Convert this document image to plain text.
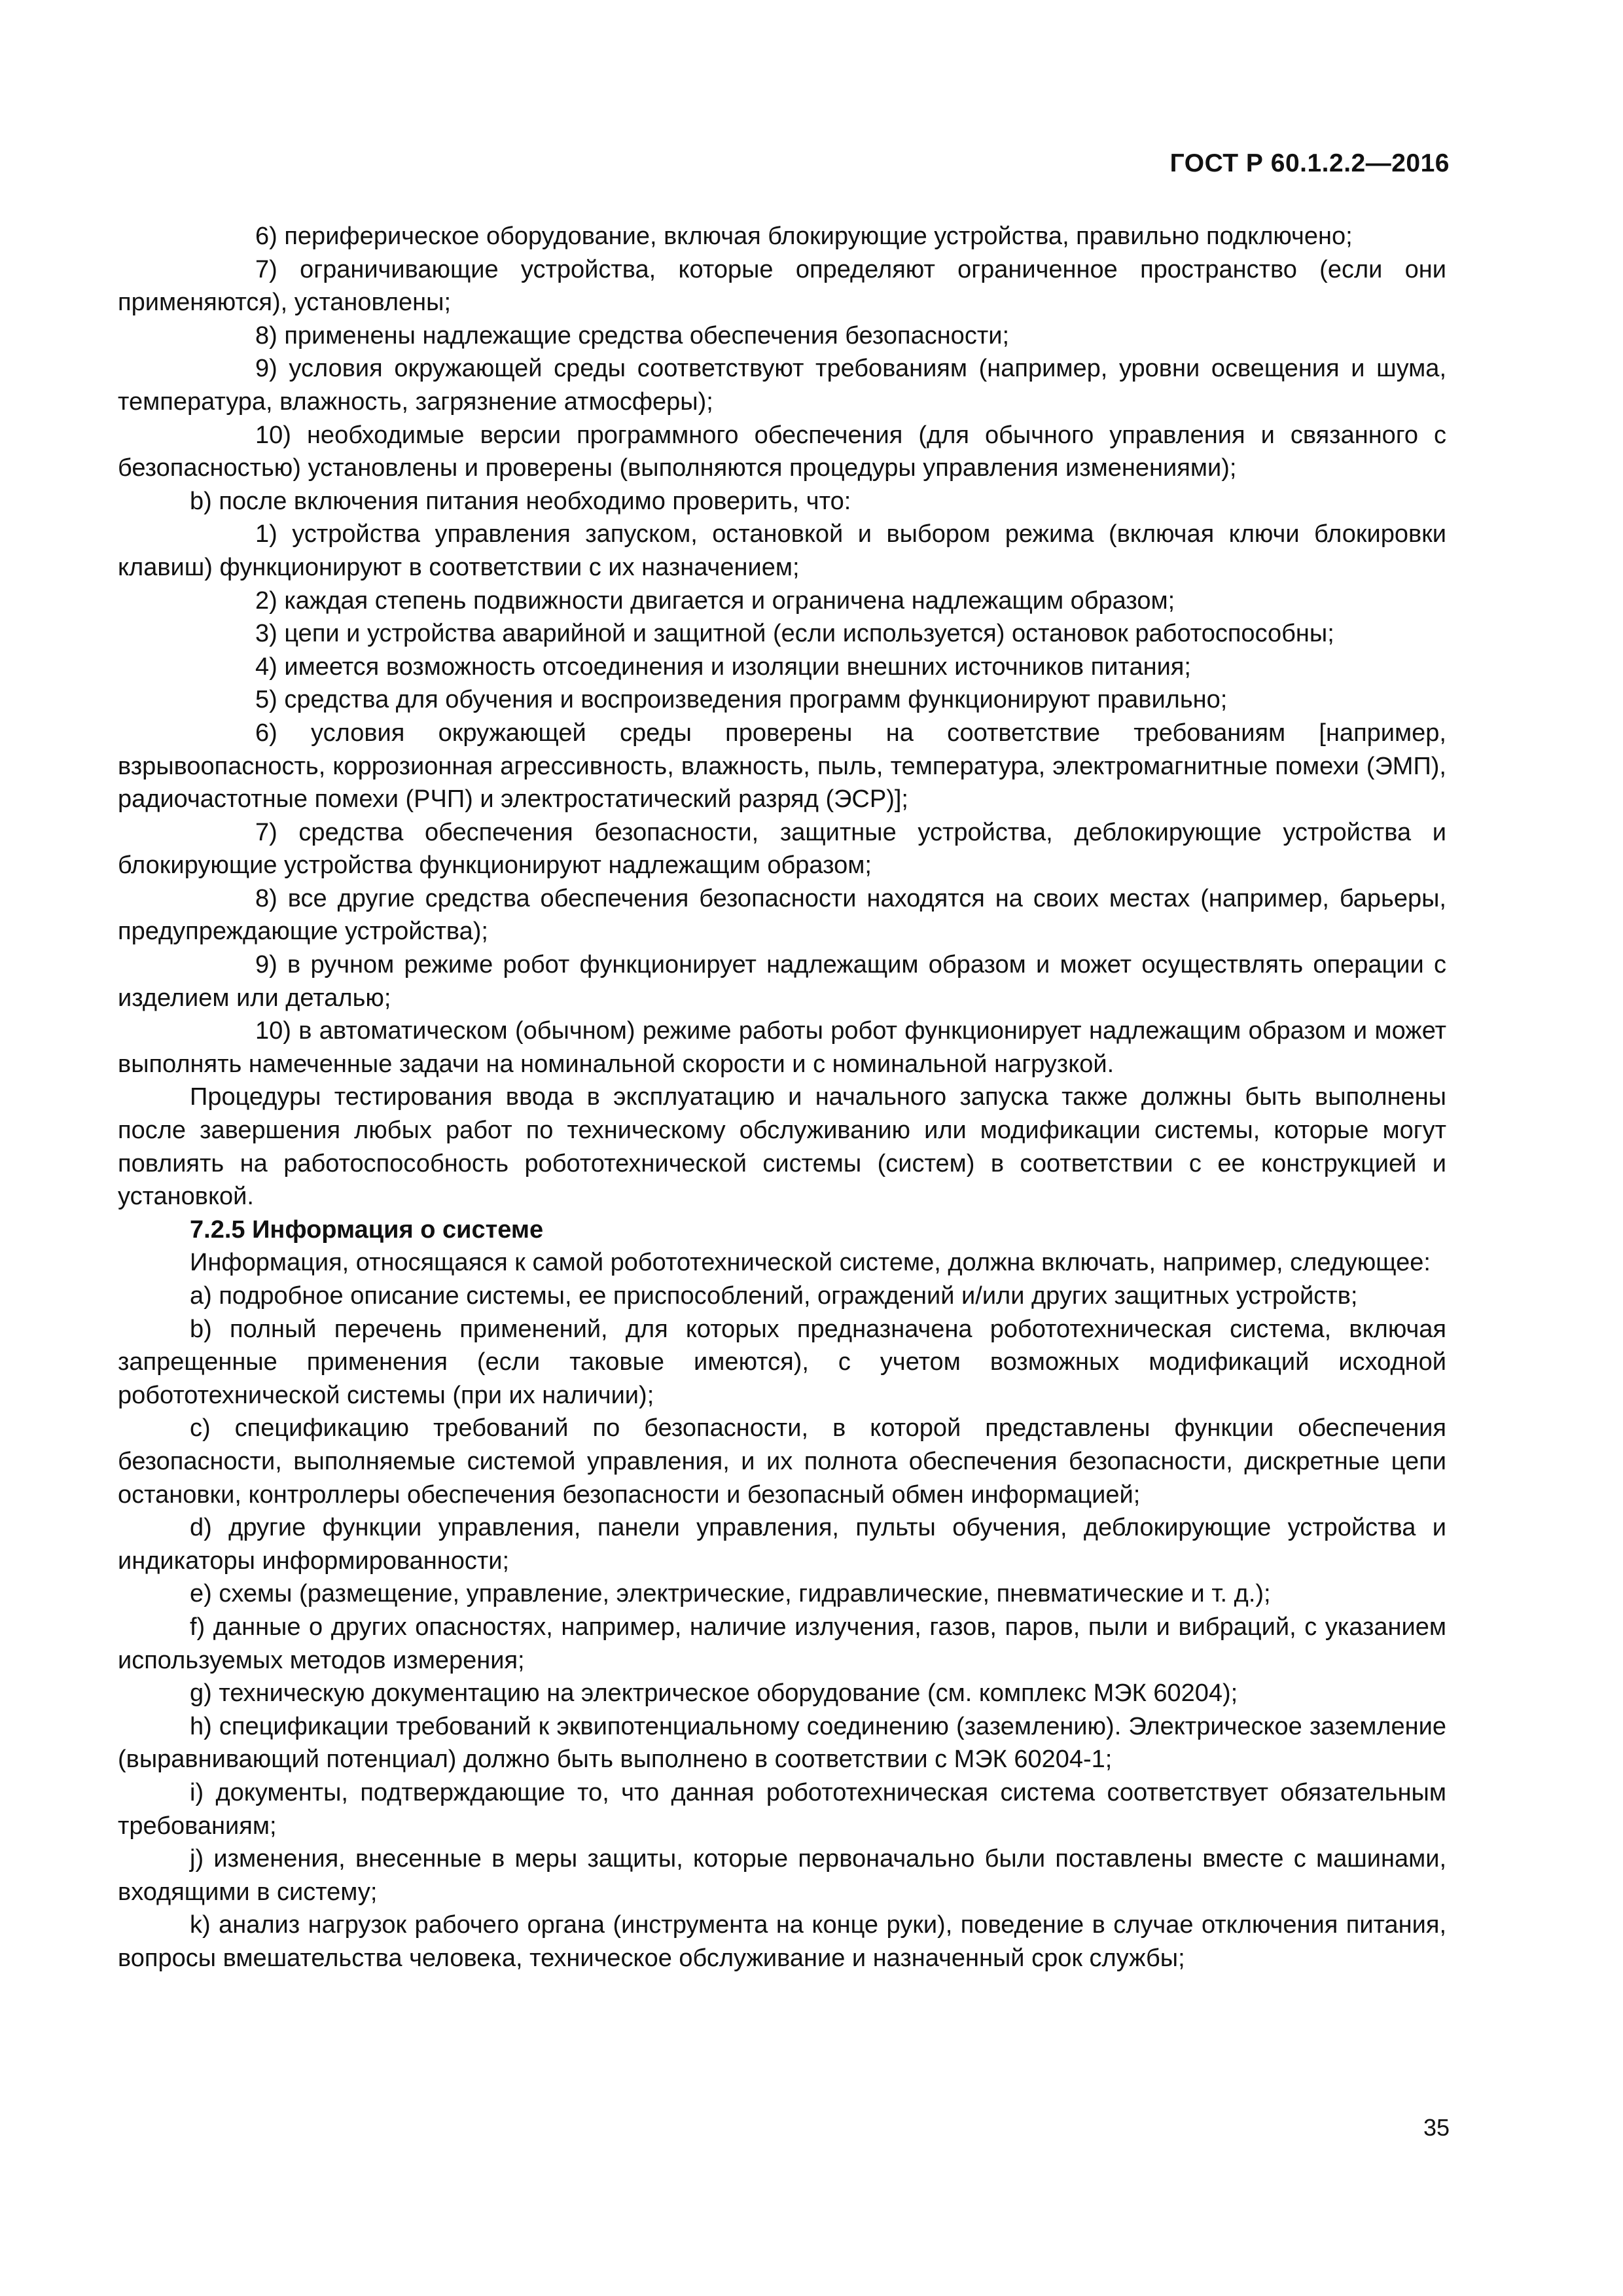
ГОСТ Р 60.1.2.2—2016

6) периферическое оборудование, включая блокирующие устройства, правильно подключено;

7) ограничивающие устройства, которые определяют ограниченное пространство (если они применяются), установлены;

8) применены надлежащие средства обеспечения безопасности;

9) условия окружающей среды соответствуют требованиям (например, уровни освещения и шума, температура, влажность, загрязнение атмосферы);

10) необходимые версии программного обеспечения (для обычного управления и связанного с безопасностью) установлены и проверены (выполняются процедуры управления изменениями);

b) после включения питания необходимо проверить, что:

1) устройства управления запуском, остановкой и выбором режима (включая ключи блокировки клавиш) функционируют в соответствии с их назначением;

2) каждая степень подвижности двигается и ограничена надлежащим образом;

3) цепи и устройства аварийной и защитной (если используется) остановок работоспособны;

4) имеется возможность отсоединения и изоляции внешних источников питания;

5) средства для обучения и воспроизведения программ функционируют правильно;

6) условия окружающей среды проверены на соответствие требованиям [например, взрывоопасность, коррозионная агрессивность, влажность, пыль, температура, электромагнитные помехи (ЭМП), радиочастотные помехи (РЧП) и электростатический разряд (ЭСР)];

7) средства обеспечения безопасности, защитные устройства, деблокирующие устройства и блокирующие устройства функционируют надлежащим образом;

8) все другие средства обеспечения безопасности находятся на своих местах (например, барьеры, предупреждающие устройства);

9) в ручном режиме робот функционирует надлежащим образом и может осуществлять операции с изделием или деталью;

10) в автоматическом (обычном) режиме работы робот функционирует надлежащим образом и может выполнять намеченные задачи на номинальной скорости и с номинальной нагрузкой.

Процедуры тестирования ввода в эксплуатацию и начального запуска также должны быть выполнены после завершения любых работ по техническому обслуживанию или модификации системы, которые могут повлиять на работоспособность робототехнической системы (систем) в соответствии с ее конструкцией и установкой.

7.2.5 Информация о системе

Информация, относящаяся к самой робототехнической системе, должна включать, например, следующее:

a) подробное описание системы, ее приспособлений, ограждений и/или других защитных устройств;

b) полный перечень применений, для которых предназначена робототехническая система, включая запрещенные применения (если таковые имеются), с учетом возможных модификаций исходной робототехнической системы (при их наличии);

c) спецификацию требований по безопасности, в которой представлены функции обеспечения безопасности, выполняемые системой управления, и их полнота обеспечения безопасности, дискретные цепи остановки, контроллеры обеспечения безопасности и безопасный обмен информацией;

d) другие функции управления, панели управления, пульты обучения, деблокирующие устройства и индикаторы информированности;

e) схемы (размещение, управление, электрические, гидравлические, пневматические и т. д.);

f) данные о других опасностях, например, наличие излучения, газов, паров, пыли и вибраций, с указанием используемых методов измерения;

g) техническую документацию на электрическое оборудование (см. комплекс МЭК 60204);

h) спецификации требований к эквипотенциальному соединению (заземлению). Электрическое заземление (выравнивающий потенциал) должно быть выполнено в соответствии с МЭК 60204-1;

i) документы, подтверждающие то, что данная робототехническая система соответствует обязательным требованиям;

j) изменения, внесенные в меры защиты, которые первоначально были поставлены вместе с машинами, входящими в систему;

k) анализ нагрузок рабочего органа (инструмента на конце руки), поведение в случае отключения питания, вопросы вмешательства человека, техническое обслуживание и назначенный срок службы;

35
